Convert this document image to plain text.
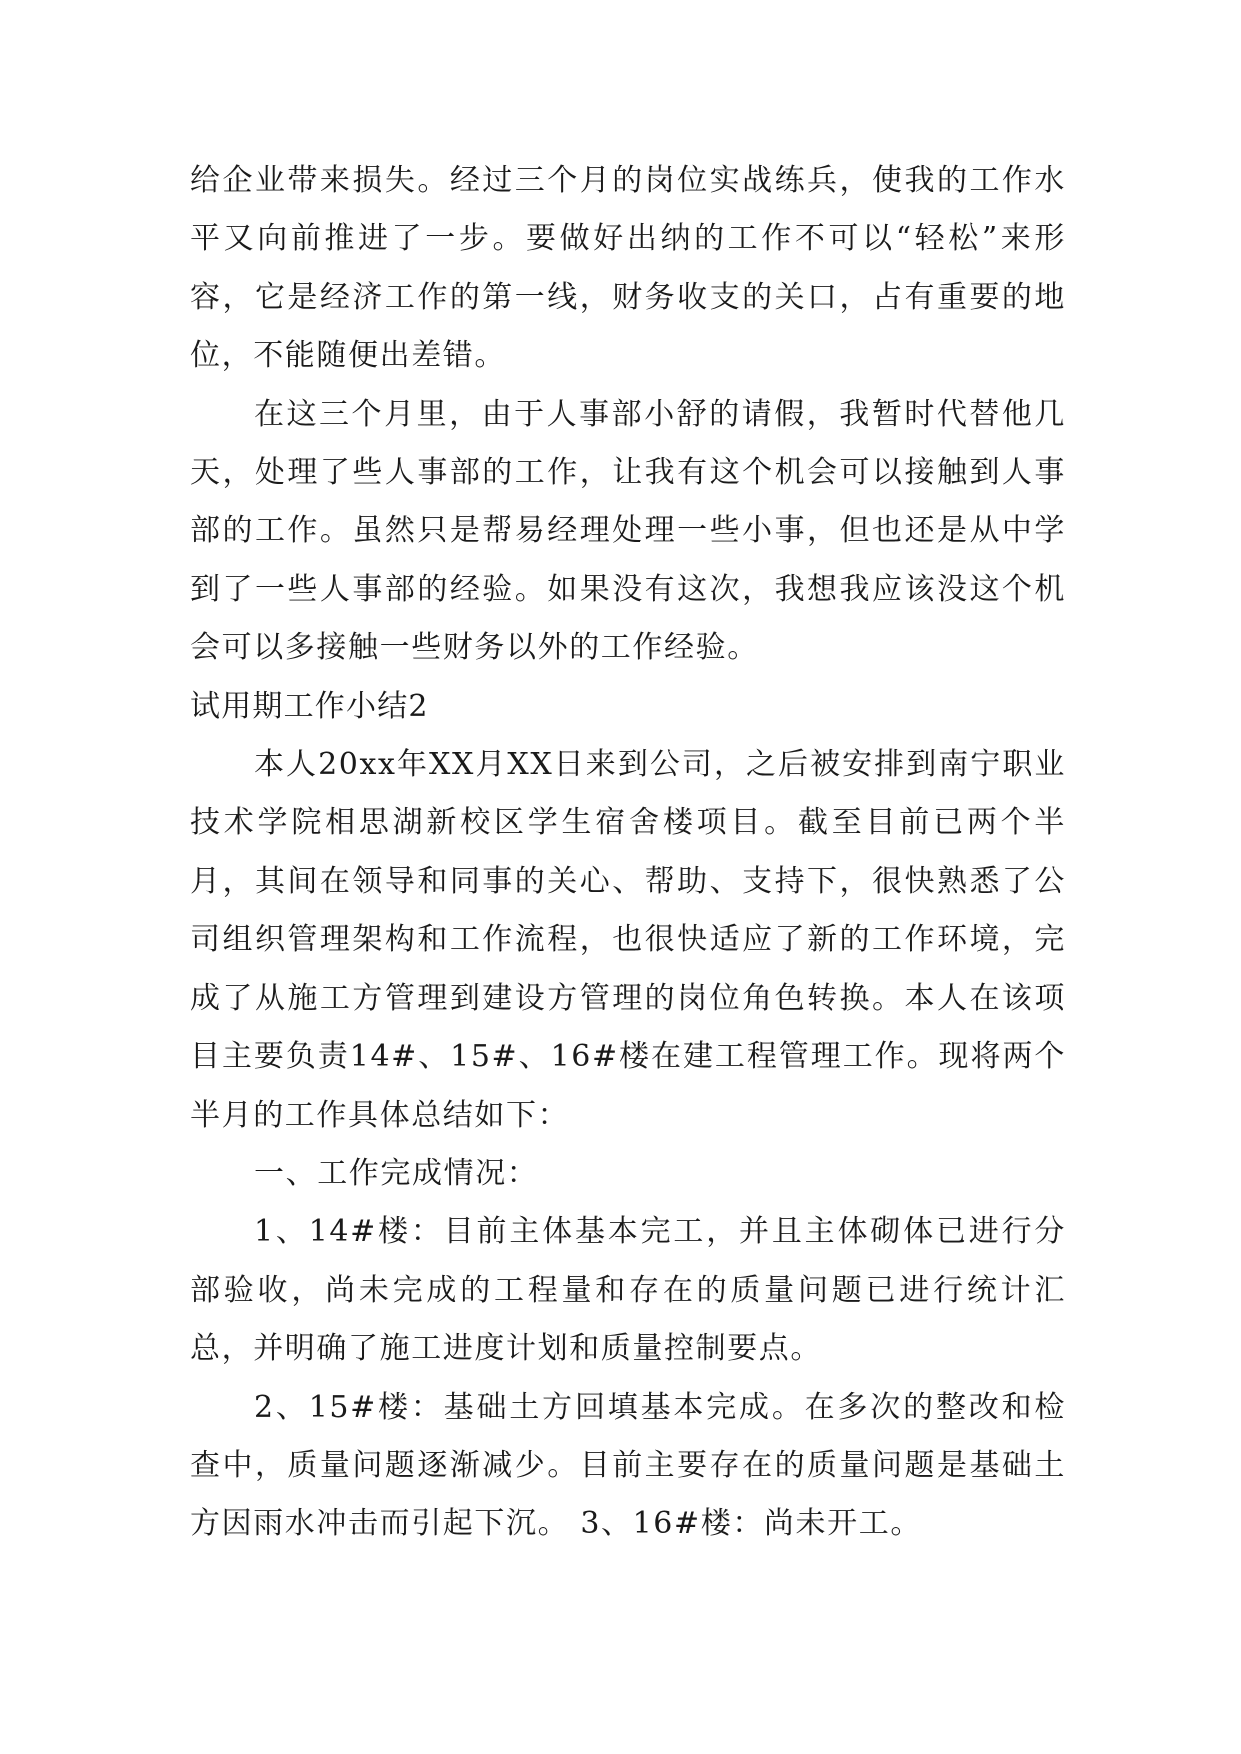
给企业带来损失。经过三个月的岗位实战练兵，使我的工作水平又向前推进了一步。要做好出纳的工作不可以“轻松”来形容，它是经济工作的第一线，财务收支的关口，占有重要的地位，不能随便出差错。

在这三个月里，由于人事部小舒的请假，我暂时代替他几天，处理了些人事部的工作，让我有这个机会可以接触到人事部的工作。虽然只是帮易经理处理一些小事，但也还是从中学到了一些人事部的经验。如果没有这次，我想我应该没这个机会可以多接触一些财务以外的工作经验。

试用期工作小结2

本人20xx年XX月XX日来到公司，之后被安排到南宁职业技术学院相思湖新校区学生宿舍楼项目。截至目前已两个半月，其间在领导和同事的关心、帮助、支持下，很快熟悉了公司组织管理架构和工作流程，也很快适应了新的工作环境，完成了从施工方管理到建设方管理的岗位角色转换。本人在该项目主要负责14#、15#、16#楼在建工程管理工作。现将两个半月的工作具体总结如下：

一、工作完成情况：

1、14#楼：目前主体基本完工，并且主体砌体已进行分部验收，尚未完成的工程量和存在的质量问题已进行统计汇总，并明确了施工进度计划和质量控制要点。

2、15#楼：基础土方回填基本完成。在多次的整改和检查中，质量问题逐渐减少。目前主要存在的质量问题是基础土方因雨水冲击而引起下沉。 3、16#楼：尚未开工。
